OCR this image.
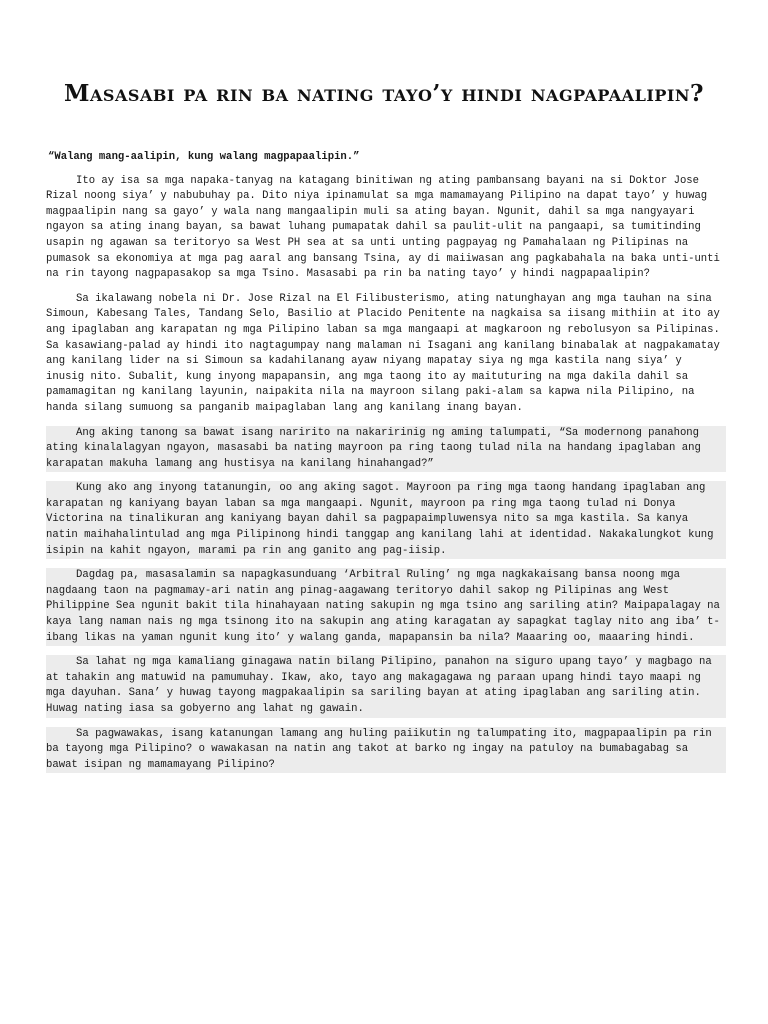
Masasabi pa rin ba nating tayo’y hindi nagpapaalipin?

“Walang mang-aalipin, kung walang magpapaalipin.”

Ito ay isa sa mga napaka-tanyag na katagang binitiwan ng ating pambansang bayani na si Doktor Jose Rizal noong siya’ y nabubuhay pa. Dito niya ipinamulat sa mga mamamayang Pilipino na dapat tayo’ y huwag magpaalipin nang sa gayo’ y wala nang mangaalipin muli sa ating bayan. Ngunit, dahil sa mga nangyayari ngayon sa ating inang bayan, sa bawat luhang pumapatak dahil sa paulit-ulit na pangaapi, sa tumitinding usapin ng agawan sa teritoryo sa West PH sea at sa unti unting pagpayag ng Pamahalaan ng Pilipinas na pumasok sa ekonomiya at mga pag aaral ang bansang Tsina, ay di maiiwasan ang pagkabahala na baka unti-unti na rin tayong nagpapasakop sa mga Tsino. Masasabi pa rin ba nating tayo’ y hindi nagpapaalipin?

Sa ikalawang nobela ni Dr. Jose Rizal na El Filibusterismo, ating natunghayan ang mga tauhan na sina Simoun, Kabesang Tales, Tandang Selo, Basilio at Placido Penitente na nagkaisa sa iisang mithiin at ito ay ang ipaglaban ang karapatan ng mga Pilipino laban sa mga mangaapi at magkaroon ng rebolusyon sa Pilipinas. Sa kasawiang-palad ay hindi ito nagtagumpay nang malaman ni Isagani ang kanilang binabalak at nagpakamatay ang kanilang lider na si Simoun sa kadahilanang ayaw niyang mapatay siya ng mga kastila nang siya’ y inusig nito. Subalit, kung inyong mapapansin, ang mga taong ito ay maituturing na mga dakila dahil sa pamamagitan ng kanilang layunin, naipakita nila na mayroon silang paki-alam sa kapwa nila Pilipino, na handa silang sumuong sa panganib maipaglaban lang ang kanilang inang bayan.

Ang aking tanong sa bawat isang naririto na nakaririnig ng aming talumpati, “Sa modernong panahong ating kinalalagyan ngayon, masasabi ba nating mayroon pa ring taong tulad nila na handang ipaglaban ang karapatan makuha lamang ang hustisya na kanilang hinahangad?”

Kung ako ang inyong tatanungin, oo ang aking sagot. Mayroon pa ring mga taong handang ipaglaban ang karapatan ng kaniyang bayan laban sa mga mangaapi. Ngunit, mayroon pa ring mga taong tulad ni Donya Victorina na tinalikuran ang kaniyang bayan dahil sa pagpapaimpluwensya nito sa mga kastila. Sa kanya natin maihahalintulad ang mga Pilipinong hindi tanggap ang kanilang lahi at identidad. Nakakalungkot kung isipin na kahit ngayon, marami pa rin ang ganito ang pag-iisip.

Dagdag pa, masasalamin sa napagkasunduang ‘Arbitral Ruling’ ng mga nagkakaisang bansa noong mga nagdaang taon na pagmamay-ari natin ang pinag-aagawang teritoryo dahil sakop ng Pilipinas ang West Philippine Sea ngunit bakit tila hinahayaan nating sakupin ng mga tsino ang sariling atin? Maipapalagay na kaya lang naman nais ng mga tsinong ito na sakupin ang ating karagatan ay sapagkat taglay nito ang iba’ t-ibang likas na yaman ngunit kung ito’ y walang ganda, mapapansin ba nila? Maaaring oo, maaaring hindi.

Sa lahat ng mga kamaliang ginagawa natin bilang Pilipino, panahon na siguro upang tayo’ y magbago na at tahakin ang matuwid na pamumuhay. Ikaw, ako, tayo ang makagagawa ng paraan upang hindi tayo maapi ng mga dayuhan. Sana’ y huwag tayong magpakaalipin sa sariling bayan at ating ipaglaban ang sariling atin. Huwag nating iasa sa gobyerno ang lahat ng gawain.

Sa pagwawakas, isang katanungan lamang ang huling paiikutin ng talumpating ito, magpapaalipin pa rin ba tayong mga Pilipino? o wawakasan na natin ang takot at barko ng ingay na patuloy na bumabagabag sa bawat isipan ng mamamayang Pilipino?
